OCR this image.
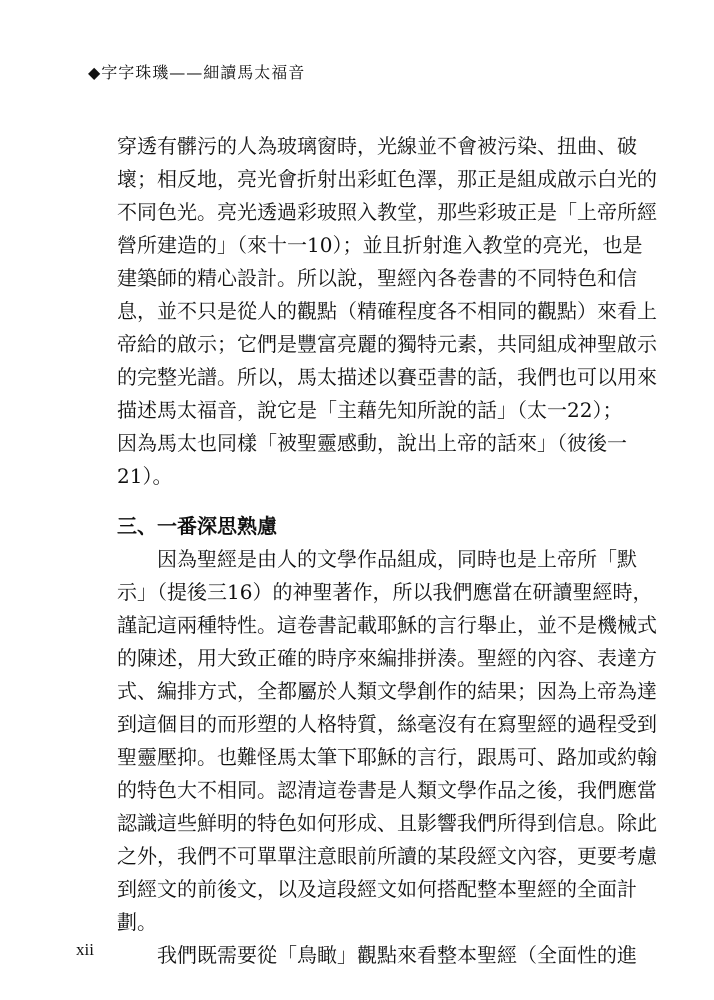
◆字字珠璣——細讀馬太福音
穿透有髒污的人為玻璃窗時，光線並不會被污染、扭曲、破
壞；相反地，亮光會折射出彩虹色澤，那正是組成啟示白光的
不同色光。亮光透過彩玻照入教堂，那些彩玻正是「上帝所經
營所建造的」（來十一10）；並且折射進入教堂的亮光，也是
建築師的精心設計。所以說，聖經內各卷書的不同特色和信
息，並不只是從人的觀點（精確程度各不相同的觀點）來看上
帝給的啟示；它們是豐富亮麗的獨特元素，共同組成神聖啟示
的完整光譜。所以，馬太描述以賽亞書的話，我們也可以用來
描述馬太福音，說它是「主藉先知所說的話」（太一22）；
因為馬太也同樣「被聖靈感動，說出上帝的話來」（彼後一
21）。
三、一番深思熟慮
因為聖經是由人的文學作品組成，同時也是上帝所「默
示」（提後三16）的神聖著作，所以我們應當在研讀聖經時，
謹記這兩種特性。這卷書記載耶穌的言行舉止，並不是機械式
的陳述，用大致正確的時序來編排拼湊。聖經的內容、表達方
式、編排方式，全都屬於人類文學創作的結果；因為上帝為達
到這個目的而形塑的人格特質，絲毫沒有在寫聖經的過程受到
聖靈壓抑。也難怪馬太筆下耶穌的言行，跟馬可、路加或約翰
的特色大不相同。認清這卷書是人類文學作品之後，我們應當
認識這些鮮明的特色如何形成、且影響我們所得到信息。除此
之外，我們不可單單注意眼前所讀的某段經文內容，更要考慮
到經文的前後文，以及這段經文如何搭配整本聖經的全面計
劃。
我們既需要從「鳥瞰」觀點來看整本聖經（全面性的進
xii
